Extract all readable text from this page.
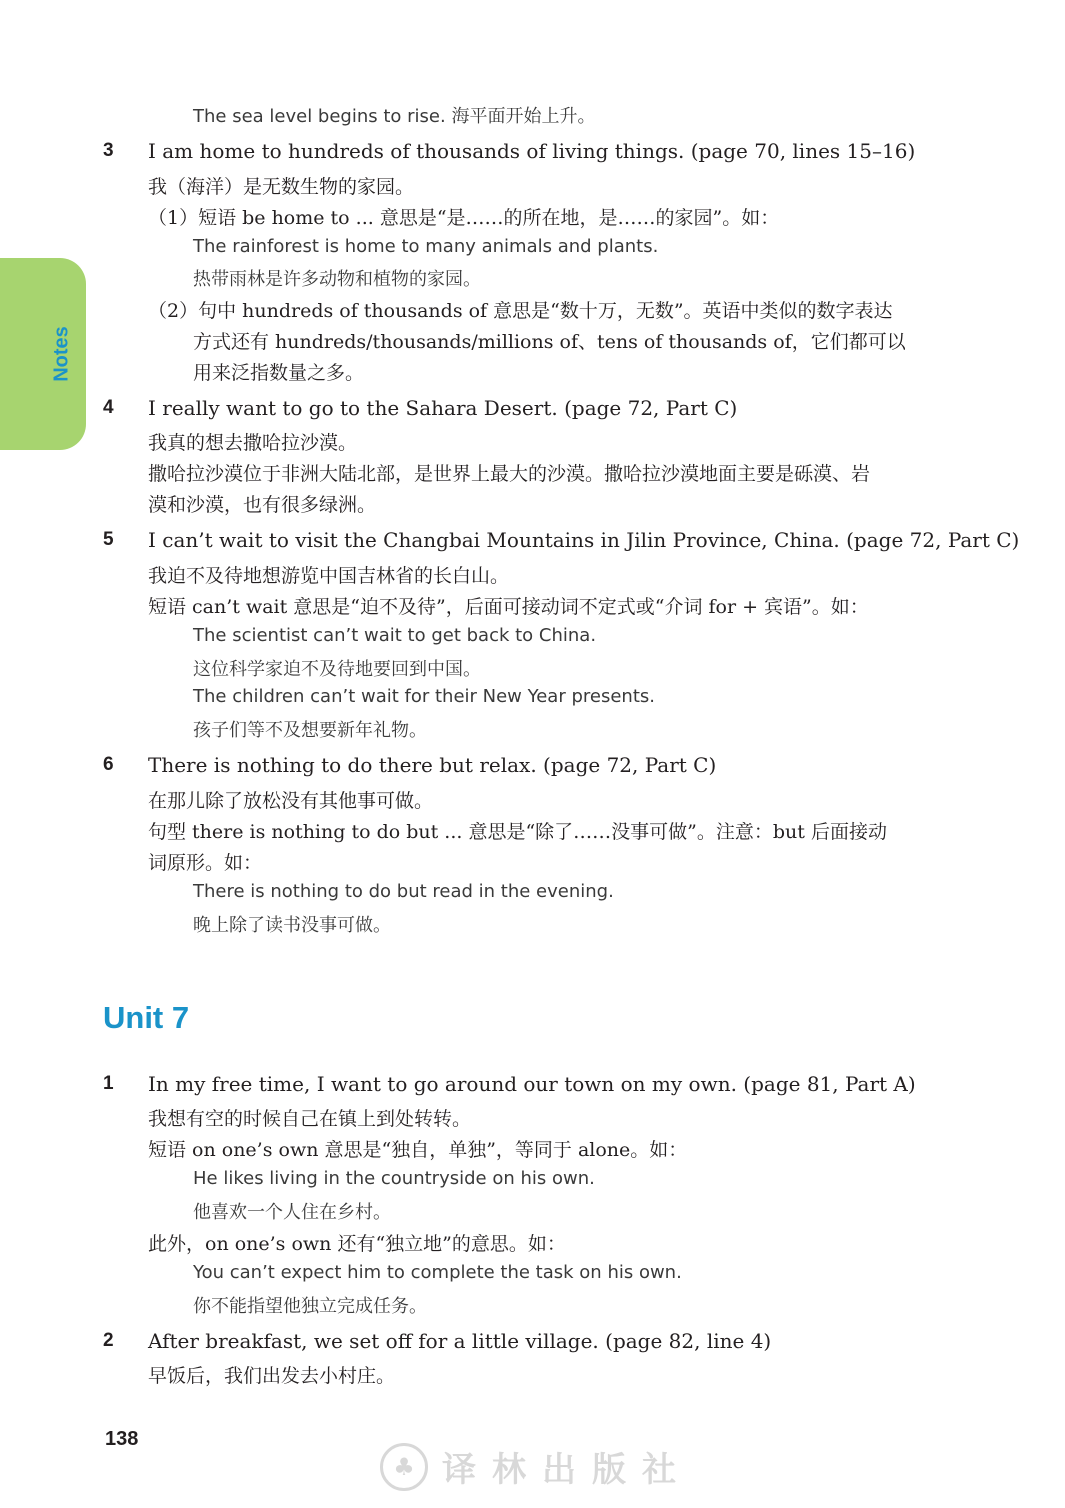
Notes
The sea level begins to rise. 海平面开始上升。
3 I am home to hundreds of thousands of living things. (page 70, lines 15–16)
我（海洋）是无数生物的家园。
（1）短语 be home to ... 意思是“是……的所在地，是……的家园”。如：
The rainforest is home to many animals and plants.
热带雨林是许多动物和植物的家园。
（2）句中 hundreds of thousands of 意思是“数十万，无数”。英语中类似的数字表达
方式还有 hundreds/thousands/millions of、tens of thousands of，它们都可以
用来泛指数量之多。
4 I really want to go to the Sahara Desert. (page 72, Part C)
我真的想去撒哈拉沙漠。
撒哈拉沙漠位于非洲大陆北部，是世界上最大的沙漠。撒哈拉沙漠地面主要是砾漠、岩
漠和沙漠，也有很多绿洲。
5 I can’t wait to visit the Changbai Mountains in Jilin Province, China. (page 72, Part C)
我迫不及待地想游览中国吉林省的长白山。
短语 can’t wait 意思是“迫不及待”，后面可接动词不定式或“介词 for + 宾语”。如：
The scientist can’t wait to get back to China.
这位科学家迫不及待地要回到中国。
The children can’t wait for their New Year presents.
孩子们等不及想要新年礼物。
6 There is nothing to do there but relax. (page 72, Part C)
在那儿除了放松没有其他事可做。
句型 there is nothing to do but ... 意思是“除了……没事可做”。注意：but 后面接动
词原形。如：
There is nothing to do but read in the evening.
晚上除了读书没事可做。
1 In my free time, I want to go around our town on my own. (page 81, Part A)
我想有空的时候自己在镇上到处转转。
短语 on one’s own 意思是“独自，单独”，等同于 alone。如：
He likes living in the countryside on his own.
他喜欢一个人住在乡村。
此外，on one’s own 还有“独立地”的意思。如：
You can’t expect him to complete the task on his own.
你不能指望他独立完成任务。
2 After breakfast, we set off for a little village. (page 82, line 4)
早饭后，我们出发去小村庄。
Unit 7
138
♣ 译林出版社
